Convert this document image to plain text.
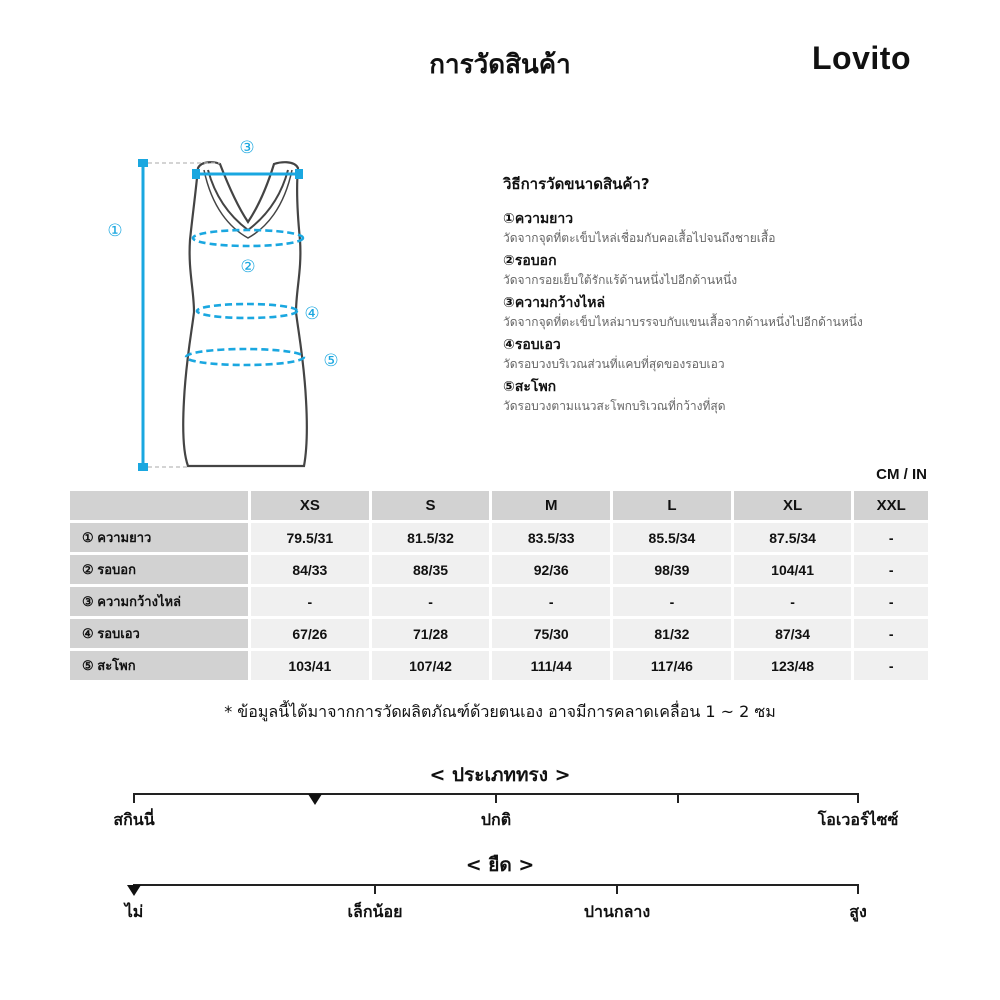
การวัดสินค้า	Lovito
①
②
③
④
⑤
วิธีการวัดขนาดสินค้า?
①ความยาว
วัดจากจุดที่ตะเข็บไหล่เชื่อมกับคอเสื้อไปจนถึงชายเสื้อ
②รอบอก
วัดจากรอยเย็บใต้รักแร้ด้านหนึ่งไปอีกด้านหนึ่ง
③ความกว้างไหล่
วัดจากจุดที่ตะเข็บไหล่มาบรรจบกับแขนเสื้อจากด้านหนึ่งไปอีกด้านหนึ่ง
④รอบเอว
วัดรอบวงบริเวณส่วนที่แคบที่สุดของรอบเอว
⑤สะโพก
วัดรอบวงตามแนวสะโพกบริเวณที่กว้างที่สุด
CM / IN
	XS	S	M	L	XL	XXL
① ความยาว	79.5/31	81.5/32	83.5/33	85.5/34	87.5/34	-
② รอบอก	84/33	88/35	92/36	98/39	104/41	-
③ ความกว้างไหล่	-	-	-	-	-	-
④ รอบเอว	67/26	71/28	75/30	81/32	87/34	-
⑤ สะโพก	103/41	107/42	111/44	117/46	123/48	-
* ข้อมูลนี้ได้มาจากการวัดผลิตภัณฑ์ด้วยตนเอง อาจมีการคลาดเคลื่อน 1 ~ 2 ซม
< ประเภททรง >
สกินนี่	ปกติ	โอเวอร์ไซซ์
< ยืด >
ไม่	เล็กน้อย	ปานกลาง	สูง
